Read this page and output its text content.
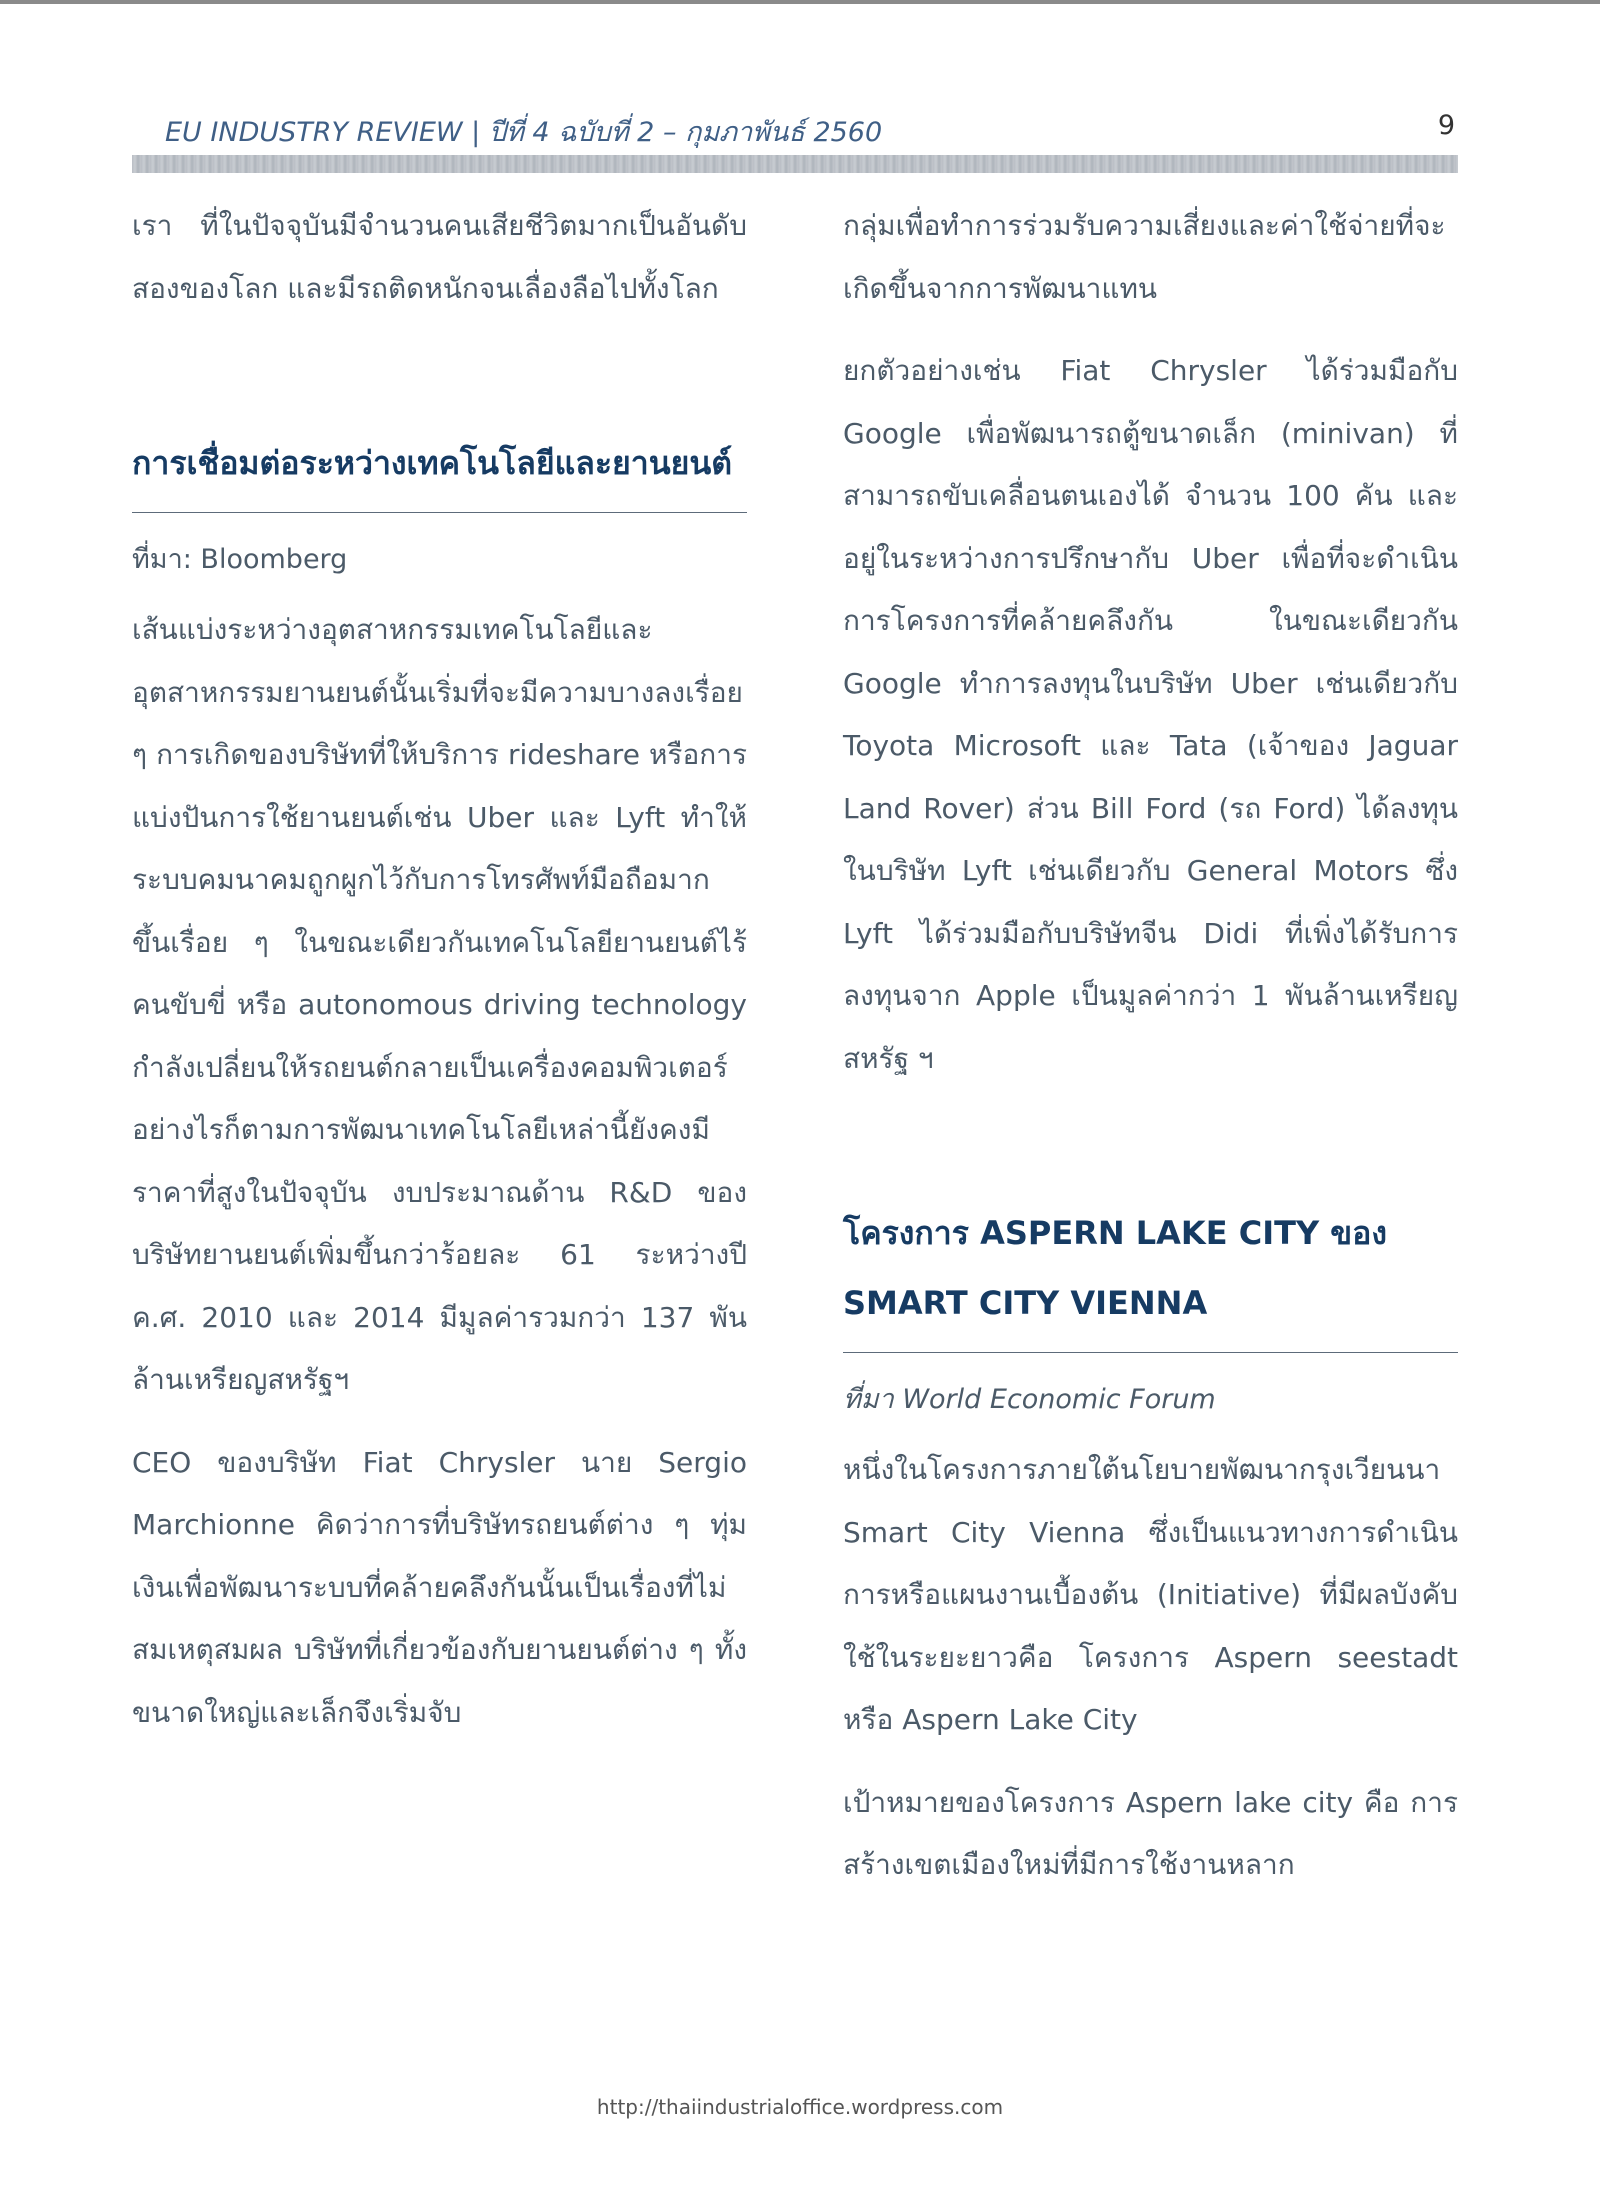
EU INDUSTRY REVIEW | ปีที่ 4 ฉบับที่ 2 – กุมภาพันธ์ 2560	9

เรา ที่ในปัจจุบันมีจำนวนคนเสียชีวิตมากเป็นอันดับสองของโลก และมีรถติดหนักจนเลื่องลือไปทั้งโลก

การเชื่อมต่อระหว่างเทคโนโลยีและยานยนต์
ที่มา: Bloomberg

เส้นแบ่งระหว่างอุตสาหกรรมเทคโนโลยีและอุตสาหกรรมยานยนต์นั้นเริ่มที่จะมีความบางลงเรื่อย ๆ การเกิดของบริษัทที่ให้บริการ rideshare หรือการแบ่งปันการใช้ยานยนต์เช่น Uber และ Lyft ทำให้ระบบคมนาคมถูกผูกไว้กับการโทรศัพท์มือถือมากขึ้นเรื่อย ๆ ในขณะเดียวกันเทคโนโลยียานยนต์ไร้คนขับขี่ หรือ autonomous driving technology กำลังเปลี่ยนให้รถยนต์กลายเป็นเครื่องคอมพิวเตอร์ อย่างไรก็ตามการพัฒนาเทคโนโลยีเหล่านี้ยังคงมีราคาที่สูงในปัจจุบัน งบประมาณด้าน R&D ของบริษัทยานยนต์เพิ่มขึ้นกว่าร้อยละ 61 ระหว่างปี ค.ศ. 2010 และ 2014 มีมูลค่ารวมกว่า 137 พันล้านเหรียญสหรัฐฯ

CEO ของบริษัท Fiat Chrysler นาย Sergio Marchionne คิดว่าการที่บริษัทรถยนต์ต่าง ๆ ทุ่มเงินเพื่อพัฒนาระบบที่คล้ายคลึงกันนั้นเป็นเรื่องที่ไม่สมเหตุสมผล บริษัทที่เกี่ยวข้องกับยานยนต์ต่าง ๆ ทั้งขนาดใหญ่และเล็กจึงเริ่มจับ

กลุ่มเพื่อทำการร่วมรับความเสี่ยงและค่าใช้จ่ายที่จะเกิดขึ้นจากการพัฒนาแทน

ยกตัวอย่างเช่น Fiat Chrysler ได้ร่วมมือกับ Google เพื่อพัฒนารถตู้ขนาดเล็ก (minivan) ที่สามารถขับเคลื่อนตนเองได้ จำนวน 100 คัน และอยู่ในระหว่างการปรึกษากับ Uber เพื่อที่จะดำเนินการโครงการที่คล้ายคลึงกัน ในขณะเดียวกัน Google ทำการลงทุนในบริษัท Uber เช่นเดียวกับ Toyota Microsoft และ Tata (เจ้าของ Jaguar Land Rover) ส่วน Bill Ford (รถ Ford) ได้ลงทุนในบริษัท Lyft เช่นเดียวกับ General Motors ซึ่ง Lyft ได้ร่วมมือกับบริษัทจีน Didi ที่เพิ่งได้รับการลงทุนจาก Apple เป็นมูลค่ากว่า 1 พันล้านเหรียญสหรัฐ ฯ

โครงการ ASPERN LAKE CITY ของ SMART CITY VIENNA
ที่มา World Economic Forum

หนึ่งในโครงการภายใต้นโยบายพัฒนากรุงเวียนนา Smart City Vienna ซึ่งเป็นแนวทางการดำเนินการหรือแผนงานเบื้องต้น (Initiative) ที่มีผลบังคับใช้ในระยะยาวคือ โครงการ Aspern seestadt หรือ Aspern Lake City

เป้าหมายของโครงการ Aspern lake city คือ การสร้างเขตเมืองใหม่ที่มีการใช้งานหลาก

http://thaiindustrialoffice.wordpress.com
